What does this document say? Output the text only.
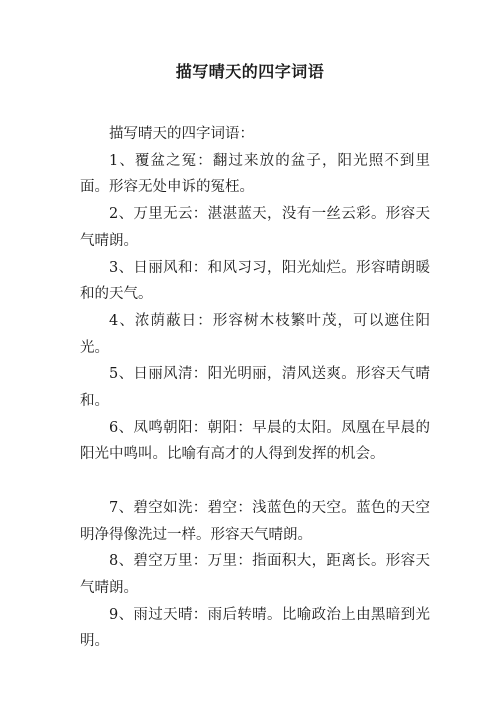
描写晴天的四字词语

描写晴天的四字词语：

1、覆盆之冤：翻过来放的盆子，阳光照不到里面。形容无处申诉的冤枉。

2、万里无云：湛湛蓝天，没有一丝云彩。形容天气晴朗。

3、日丽风和：和风习习，阳光灿烂。形容晴朗暖和的天气。

4、浓荫蔽日：形容树木枝繁叶茂，可以遮住阳光。

5、日丽风清：阳光明丽，清风送爽。形容天气晴和。

6、凤鸣朝阳：朝阳：早晨的太阳。凤凰在早晨的阳光中鸣叫。比喻有高才的人得到发挥的机会。

7、碧空如洗：碧空：浅蓝色的天空。蓝色的天空明净得像洗过一样。形容天气晴朗。

8、碧空万里：万里：指面积大，距离长。形容天气晴朗。

9、雨过天晴：雨后转晴。比喻政治上由黑暗到光明。
